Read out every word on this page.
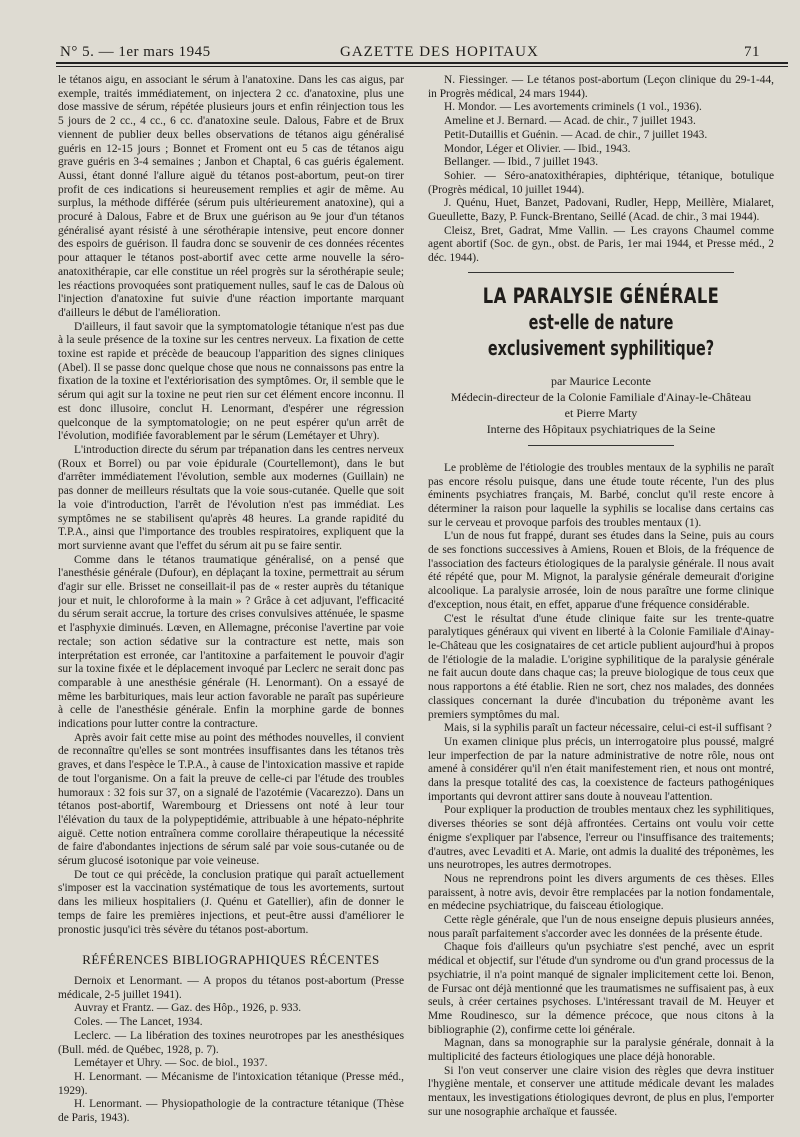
N° 5. — 1er mars 1945	GAZETTE DES HOPITAUX	71

le tétanos aigu, en associant le sérum à l'anatoxine. Dans les cas aigus, par exemple, traités immédiatement, on injectera 2 cc. d'anatoxine, plus une dose massive de sérum, répétée plusieurs jours et enfin réinjection tous les 5 jours de 2 cc., 4 cc., 6 cc. d'anatoxine seule. Dalous, Fabre et de Brux viennent de publier deux belles observations de tétanos aigu généralisé guéris en 12-15 jours ; Bonnet et Froment ont eu 5 cas de tétanos aigu grave guéris en 3-4 semaines ; Janbon et Chaptal, 6 cas guéris également. Aussi, étant donné l'allure aiguë du tétanos post-abortum, peut-on tirer profit de ces indications si heureusement remplies et agir de même. Au surplus, la méthode différée (sérum puis ultérieurement anatoxine), qui a procuré à Dalous, Fabre et de Brux une guérison au 9e jour d'un tétanos généralisé ayant résisté à une sérothérapie intensive, peut encore donner des espoirs de guérison. Il faudra donc se souvenir de ces données récentes pour attaquer le tétanos post-abortif avec cette arme nouvelle la séro-anatoxithérapie, car elle constitue un réel progrès sur la sérothérapie seule; les réactions provoquées sont pratiquement nulles, sauf le cas de Dalous où l'injection d'anatoxine fut suivie d'une réaction importante marquant d'ailleurs le début de l'amélioration.

D'ailleurs, il faut savoir que la symptomatologie tétanique n'est pas due à la seule présence de la toxine sur les centres nerveux. La fixation de cette toxine est rapide et précède de beaucoup l'apparition des signes cliniques (Abel). Il se passe donc quelque chose que nous ne connaissons pas entre la fixation de la toxine et l'extériorisation des symptômes. Or, il semble que le sérum qui agit sur la toxine ne peut rien sur cet élément encore inconnu. Il est donc illusoire, conclut H. Lenormant, d'espérer une régression quelconque de la symptomatologie; on ne peut espérer qu'un arrêt de l'évolution, modifiée favorablement par le sérum (Lemétayer et Uhry).

L'introduction directe du sérum par trépanation dans les centres nerveux (Roux et Borrel) ou par voie épidurale (Courtellemont), dans le but d'arrêter immédiatement l'évolution, semble aux modernes (Guillain) ne pas donner de meilleurs résultats que la voie sous-cutanée. Quelle que soit la voie d'introduction, l'arrêt de l'évolution n'est pas immédiat. Les symptômes ne se stabilisent qu'après 48 heures. La grande rapidité du T.P.A., ainsi que l'importance des troubles respiratoires, expliquent que la mort survienne avant que l'effet du sérum ait pu se faire sentir.

Comme dans le tétanos traumatique généralisé, on a pensé que l'anesthésie générale (Dufour), en déplaçant la toxine, permettrait au sérum d'agir sur elle. Brisset ne conseillait-il pas de « rester auprès du tétanique jour et nuit, le chloroforme à la main » ? Grâce à cet adjuvant, l'efficacité du sérum serait accrue, la torture des crises convulsives atténuée, le spasme et l'asphyxie diminués. Lœven, en Allemagne, préconise l'avertine par voie rectale; son action sédative sur la contracture est nette, mais son interprétation est erronée, car l'antitoxine a parfaitement le pouvoir d'agir sur la toxine fixée et le déplacement invoqué par Leclerc ne serait donc pas comparable à une anesthésie générale (H. Lenormant). On a essayé de même les barbituriques, mais leur action favorable ne paraît pas supérieure à celle de l'anesthésie générale. Enfin la morphine garde de bonnes indications pour lutter contre la contracture.

Après avoir fait cette mise au point des méthodes nouvelles, il convient de reconnaître qu'elles se sont montrées insuffisantes dans les tétanos très graves, et dans l'espèce le T.P.A., à cause de l'intoxication massive et rapide de tout l'organisme. On a fait la preuve de celle-ci par l'étude des troubles humoraux : 32 fois sur 37, on a signalé de l'azotémie (Vacarezzo). Dans un tétanos post-abortif, Warembourg et Driessens ont noté à leur tour l'élévation du taux de la polypeptidémie, attribuable à une hépato-néphrite aiguë. Cette notion entraînera comme corollaire thérapeutique la nécessité de faire d'abondantes injections de sérum salé par voie sous-cutanée ou de sérum glucosé isotonique par voie veineuse.

De tout ce qui précède, la conclusion pratique qui paraît actuellement s'imposer est la vaccination systématique de tous les avortements, surtout dans les milieux hospitaliers (J. Quénu et Gatellier), afin de donner le temps de faire les premières injections, et peut-être aussi d'améliorer le pronostic jusqu'ici très sévère du tétanos post-abortum.

RÉFÉRENCES BIBLIOGRAPHIQUES RÉCENTES

Dernoix et Lenormant. — A propos du tétanos post-abortum (Presse médicale, 2-5 juillet 1941).

Auvray et Frantz. — Gaz. des Hôp., 1926, p. 933.

Coles. — The Lancet, 1934.

Leclerc. — La libération des toxines neurotropes par les anesthésiques (Bull. méd. de Québec, 1928, p. 7).

Lemétayer et Uhry. — Soc. de biol., 1937.

H. Lenormant. — Mécanisme de l'intoxication tétanique (Presse méd., 1929).

H. Lenormant. — Physiopathologie de la contracture tétanique (Thèse de Paris, 1943).

N. Fiessinger. — Le tétanos post-abortum (Leçon clinique du 29-1-44, in Progrès médical, 24 mars 1944).

H. Mondor. — Les avortements criminels (1 vol., 1936).

Ameline et J. Bernard. — Acad. de chir., 7 juillet 1943.

Petit-Dutaillis et Guénin. — Acad. de chir., 7 juillet 1943.

Mondor, Léger et Olivier. — Ibid., 1943.

Bellanger. — Ibid., 7 juillet 1943.

Sohier. — Séro-anatoxithérapies, diphtérique, tétanique, botulique (Progrès médical, 10 juillet 1944).

J. Quénu, Huet, Banzet, Padovani, Rudler, Hepp, Meillère, Mialaret, Gueullette, Bazy, P. Funck-Brentano, Seillé (Acad. de chir., 3 mai 1944).

Cleisz, Bret, Gadrat, Mme Vallin. — Les crayons Chaumel comme agent abortif (Soc. de gyn., obst. de Paris, 1er mai 1944, et Presse méd., 2 déc. 1944).

LA PARALYSIE GÉNÉRALE
est-elle de nature exclusivement syphilitique?
par Maurice Leconte
Médecin-directeur de la Colonie Familiale d'Ainay-le-Château
et Pierre Marty
Interne des Hôpitaux psychiatriques de la Seine

Le problème de l'étiologie des troubles mentaux de la syphilis ne paraît pas encore résolu puisque, dans une étude toute récente, l'un des plus éminents psychiatres français, M. Barbé, conclut qu'il reste encore à déterminer la raison pour laquelle la syphilis se localise dans certains cas sur le cerveau et provoque parfois des troubles mentaux (1).

L'un de nous fut frappé, durant ses études dans la Seine, puis au cours de ses fonctions successives à Amiens, Rouen et Blois, de la fréquence de l'association des facteurs étiologiques de la paralysie générale. Il nous avait été répété que, pour M. Mignot, la paralysie générale demeurait d'origine alcoolique. La paralysie arrosée, loin de nous paraître une forme clinique d'exception, nous était, en effet, apparue d'une fréquence considérable.

C'est le résultat d'une étude clinique faite sur les trente-quatre paralytiques généraux qui vivent en liberté à la Colonie Familiale d'Ainay-le-Château que les cosignataires de cet article publient aujourd'hui à propos de l'étiologie de la maladie. L'origine syphilitique de la paralysie générale ne fait aucun doute dans chaque cas; la preuve biologique de tous ceux que nous rapportons a été établie. Rien ne sort, chez nos malades, des données classiques concernant la durée d'incubation du tréponème avant les premiers symptômes du mal.

Mais, si la syphilis paraît un facteur nécessaire, celui-ci est-il suffisant ?

Un examen clinique plus précis, un interrogatoire plus poussé, malgré leur imperfection de par la nature administrative de notre rôle, nous ont amené à considérer qu'il n'en était manifestement rien, et nous ont montré, dans la presque totalité des cas, la coexistence de facteurs pathogéniques importants qui devront attirer sans doute à nouveau l'attention.

Pour expliquer la production de troubles mentaux chez les syphilitiques, diverses théories se sont déjà affrontées. Certains ont voulu voir cette énigme s'expliquer par l'absence, l'erreur ou l'insuffisance des traitements; d'autres, avec Levaditi et A. Marie, ont admis la dualité des tréponèmes, les uns neurotropes, les autres dermotropes.

Nous ne reprendrons point les divers arguments de ces thèses. Elles paraissent, à notre avis, devoir être remplacées par la notion fondamentale, en médecine psychiatrique, du faisceau étiologique.

Cette règle générale, que l'un de nous enseigne depuis plusieurs années, nous paraît parfaitement s'accorder avec les données de la présente étude.

Chaque fois d'ailleurs qu'un psychiatre s'est penché, avec un esprit médical et objectif, sur l'étude d'un syndrome ou d'un grand processus de la psychiatrie, il n'a point manqué de signaler implicitement cette loi. Benon, de Fursac ont déjà mentionné que les traumatismes ne suffisaient pas, à eux seuls, à créer certaines psychoses. L'intéressant travail de M. Heuyer et Mme Roudinesco, sur la démence précoce, que nous citons à la bibliographie (2), confirme cette loi générale.

Magnan, dans sa monographie sur la paralysie générale, donnait à la multiplicité des facteurs étiologiques une place déjà honorable.

Si l'on veut conserver une claire vision des règles que devra instituer l'hygiène mentale, et conserver une attitude médicale devant les malades mentaux, les investigations étiologiques devront, de plus en plus, l'emporter sur une nosographie archaïque et faussée.
